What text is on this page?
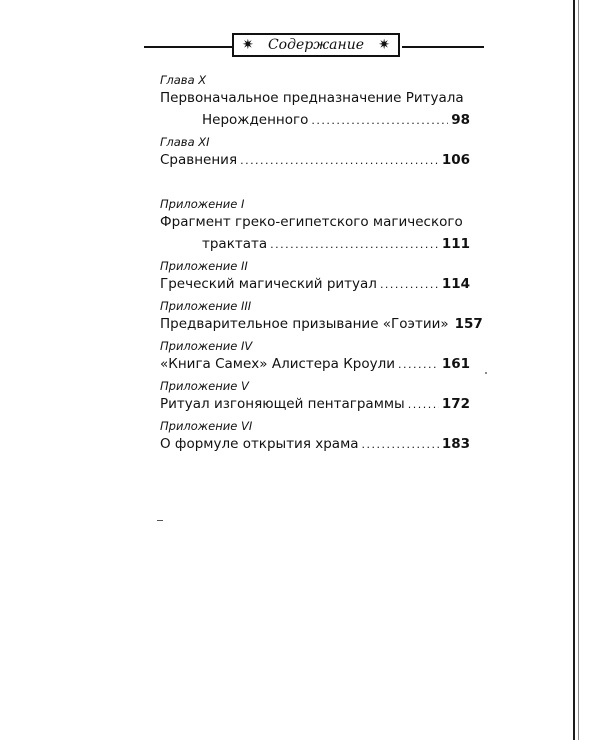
✷ Содержание ✷
Глава X
Первоначальное предназначение Ритуала
Нерожденного . . .	98
Глава XI
Сравнения . . .	106
Приложение I
Фрагмент греко-египетского магического
трактата . . .	111
Приложение II
Греческий магический ритуал . . .	114
Приложение III
Предварительное призывание «Гоэтии» 157
Приложение IV
«Книга Самех» Алистера Кроули . . .	161
Приложение V
Ритуал изгоняющей пентаграммы . . .	172
Приложение VI
О формуле открытия храма . . .	183
